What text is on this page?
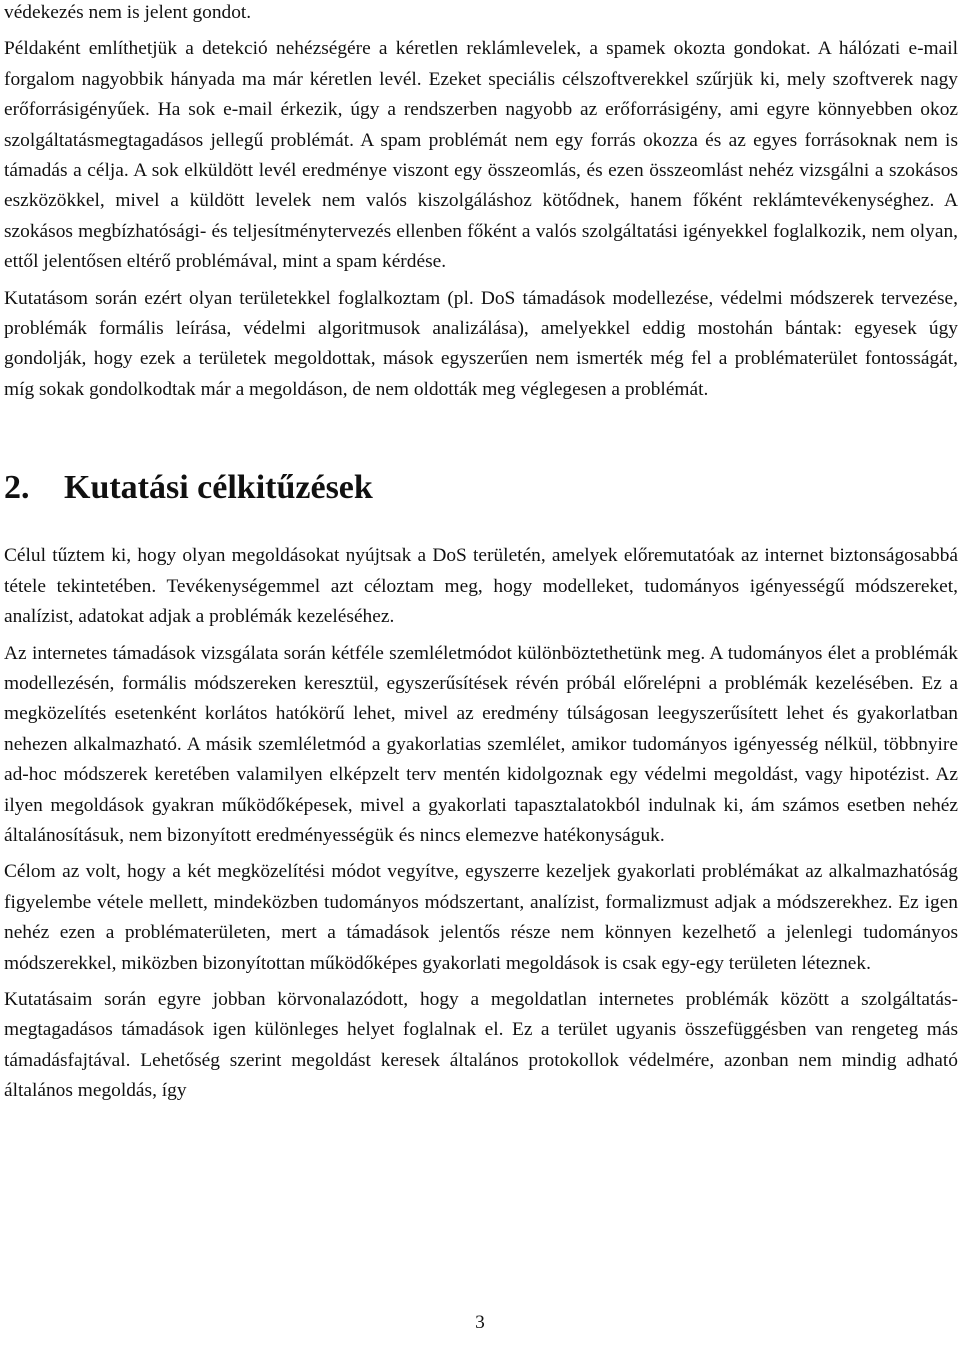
védekezés nem is jelent gondot.

Példaként említhetjük a detekció nehézségére a kéretlen reklámlevelek, a spamek okozta gondokat. A hálózati e-mail forgalom nagyobbik hányada ma már kéretlen levél. Ezeket speciális célszoftverekkel szűrjük ki, mely szoftverek nagy erőforrásigényűek. Ha sok e-mail érkezik, úgy a rendszerben nagyobb az erőforrásigény, ami egyre könnyebben okoz szolgáltatásmegtagadásos jellegű problémát. A spam problémát nem egy forrás okozza és az egyes forrásoknak nem is támadás a célja. A sok elküldött levél eredménye viszont egy összeomlás, és ezen összeomlást nehéz vizsgálni a szokásos eszközökkel, mivel a küldött levelek nem valós kiszolgáláshoz kötődnek, hanem főként reklámtevékenységhez. A szokásos megbízhatósági- és teljesítménytervezés ellenben főként a valós szolgáltatási igényekkel foglalkozik, nem olyan, ettől jelentősen eltérő problémával, mint a spam kérdése.

Kutatásom során ezért olyan területekkel foglalkoztam (pl. DoS támadások modellezése, védelmi módszerek tervezése, problémák formális leírása, védelmi algoritmusok analizálása), amelyekkel eddig mostohán bántak: egyesek úgy gondolják, hogy ezek a területek megoldottak, mások egyszerűen nem ismerték még fel a problématerület fontosságát, míg sokak gondolkodtak már a megoldáson, de nem oldották meg véglegesen a problémát.

2. Kutatási célkitűzések

Célul tűztem ki, hogy olyan megoldásokat nyújtsak a DoS területén, amelyek előremutatóak az internet biztonságosabbá tétele tekintetében. Tevékenységemmel azt céloztam meg, hogy modelleket, tudományos igényességű módszereket, analízist, adatokat adjak a problémák kezeléséhez.

Az internetes támadások vizsgálata során kétféle szemléletmódot különböztethetünk meg. A tudományos élet a problémák modellezésén, formális módszereken keresztül, egyszerűsítések révén próbál előrelépni a problémák kezelésében. Ez a megközelítés esetenként korlátos hatókörű lehet, mivel az eredmény túlságosan leegyszerűsített lehet és gyakorlatban nehezen alkalmazható. A másik szemléletmód a gyakorlatias szemlélet, amikor tudományos igényesség nélkül, többnyire ad-hoc módszerek keretében valamilyen elképzelt terv mentén kidolgoznak egy védelmi megoldást, vagy hipotézist. Az ilyen megoldások gyakran működőképesek, mivel a gyakorlati tapasztalatokból indulnak ki, ám számos esetben nehéz általánosításuk, nem bizonyított eredményességük és nincs elemezve hatékonyságuk.

Célom az volt, hogy a két megközelítési módot vegyítve, egyszerre kezeljek gyakorlati problémákat az alkalmazhatóság figyelembe vétele mellett, mindeközben tudományos módszertant, analízist, formalizmust adjak a módszerekhez. Ez igen nehéz ezen a problématerületen, mert a támadások jelentős része nem könnyen kezelhető a jelenlegi tudományos módszerekkel, miközben bizonyítottan működőképes gyakorlati megoldások is csak egy-egy területen léteznek.

Kutatásaim során egyre jobban körvonalazódott, hogy a megoldatlan internetes problémák között a szolgáltatás-megtagadásos támadások igen különleges helyet foglalnak el. Ez a terület ugyanis összefüggésben van rengeteg más támadásfajtával. Lehetőség szerint megoldást keresek általános protokollok védelmére, azonban nem mindig adható általános megoldás, így

3
